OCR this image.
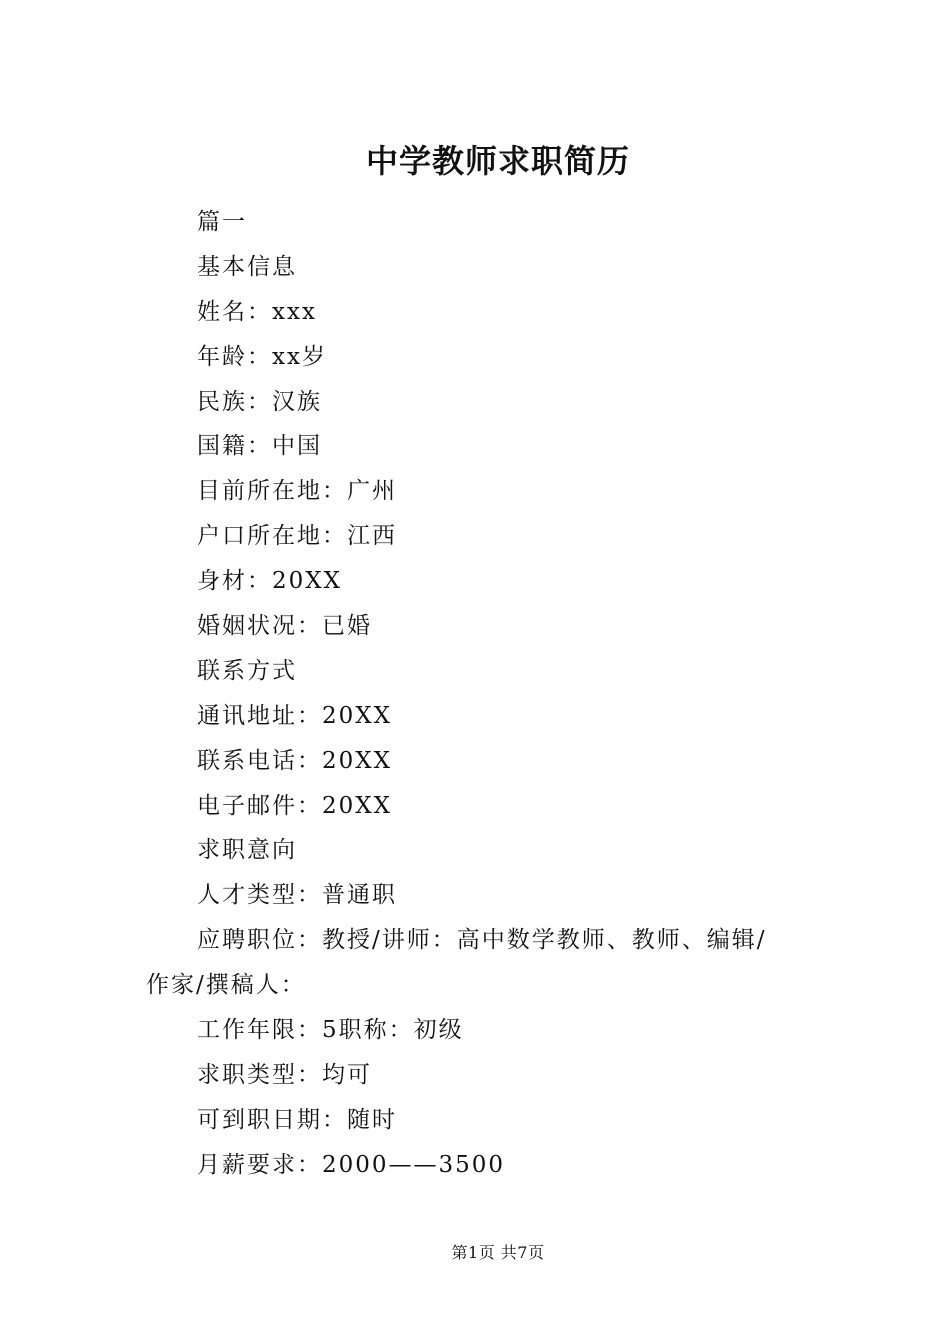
中学教师求职简历
篇一
基本信息
姓名：xxx
年龄：xx岁
民族：汉族
国籍：中国
目前所在地：广州
户口所在地：江西
身材：20XX
婚姻状况：已婚
联系方式
通讯地址：20XX
联系电话：20XX
电子邮件：20XX
求职意向
人才类型：普通职
应聘职位：教授/讲师：高中数学教师、教师、编辑/
作家/撰稿人：
工作年限：5职称：初级
求职类型：均可
可到职日期：随时
月薪要求：2000——3500
第1页 共7页
